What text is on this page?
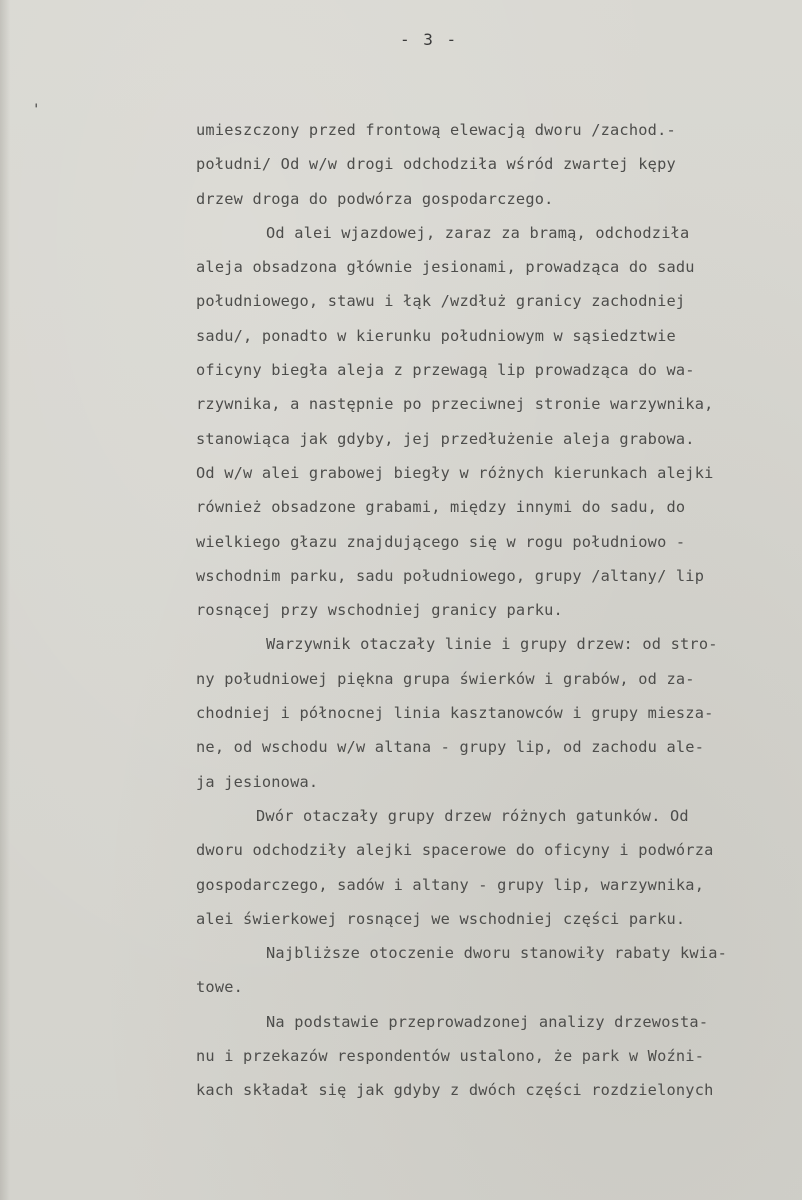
- 3 -
'
umieszczony przed frontową elewacją dworu /zachod.-
południ/ Od w/w drogi odchodziła wśród zwartej kępy
drzew droga do podwórza gospodarczego.
Od alei wjazdowej, zaraz za bramą, odchodziła
aleja obsadzona głównie jesionami, prowadząca do sadu
południowego, stawu i łąk /wzdłuż granicy zachodniej
sadu/, ponadto w kierunku południowym w sąsiedztwie
oficyny biegła aleja z przewagą lip prowadząca do wa-
rzywnika, a następnie po przeciwnej stronie warzywnika,
stanowiąca jak gdyby, jej przedłużenie aleja grabowa.
Od w/w alei grabowej biegły w różnych kierunkach alejki
również obsadzone grabami, między innymi do sadu, do
wielkiego głazu znajdującego się w rogu południowo -
wschodnim parku, sadu południowego, grupy /altany/ lip
rosnącej przy wschodniej granicy parku.
Warzywnik otaczały linie i grupy drzew: od stro-
ny południowej piękna grupa świerków i grabów, od za-
chodniej i północnej linia kasztanowców i grupy miesza-
ne, od wschodu w/w altana - grupy lip, od zachodu ale-
ja jesionowa.
Dwór otaczały grupy drzew różnych gatunków. Od
dworu odchodziły alejki spacerowe do oficyny i podwórza
gospodarczego, sadów i altany - grupy lip, warzywnika,
alei świerkowej rosnącej we wschodniej części parku.
Najbliższe otoczenie dworu stanowiły rabaty kwia-
towe.
Na podstawie przeprowadzonej analizy drzewosta-
nu i przekazów respondentów ustalono, że park w Woźni-
kach składał się jak gdyby z dwóch części rozdzielonych
